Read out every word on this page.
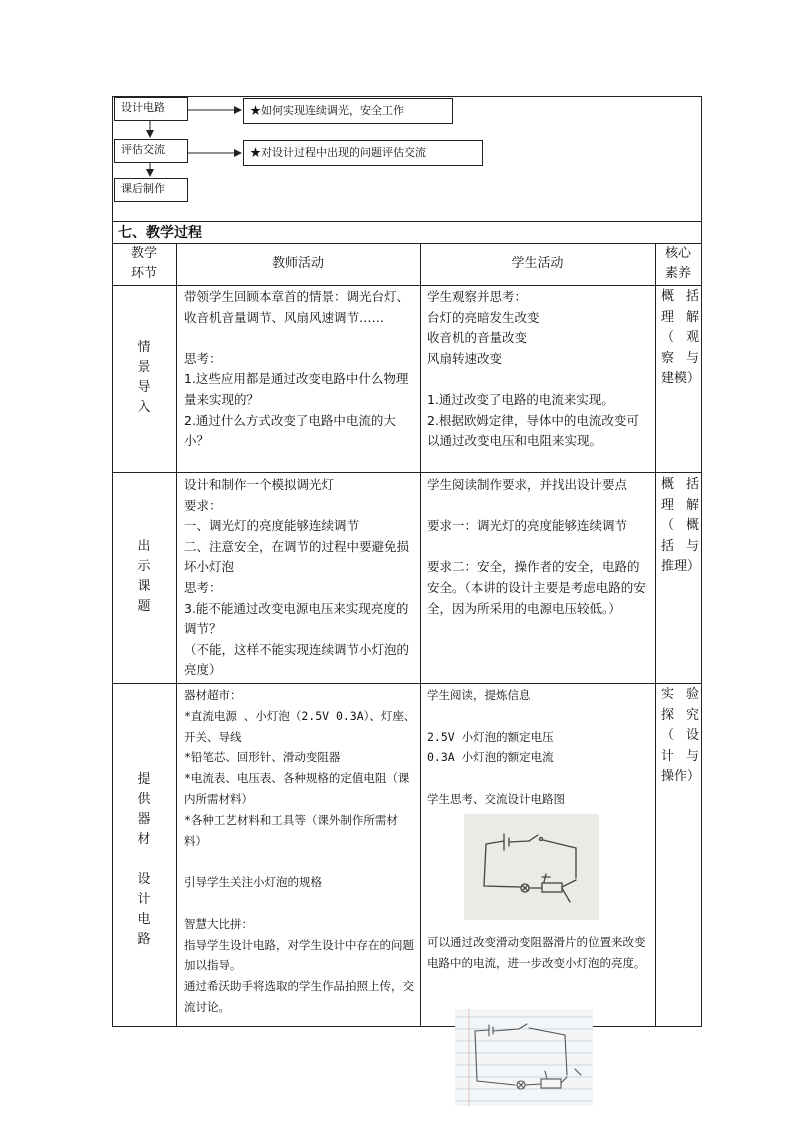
设计电路
评估交流
课后制作
★如何实现连续调光，安全工作
★对设计过程中出现的问题评估交流
七、教学过程
教学
环节
教师活动	学生活动
核心
素养
情
景
导
入
带领学生回顾本章首的情景：调光台灯、收音机音量调节、风扇风速调节……

思考：
1.这些应用都是通过改变电路中什么物理量来实现的？
2.通过什么方式改变了电路中电流的大小？
学生观察并思考：
台灯的亮暗发生改变
收音机的音量改变
风扇转速改变

1.通过改变了电路的电流来实现。
2.根据欧姆定律，导体中的电流改变可以通过改变电压和电阻来实现。
概括理解（观察与建模）
出
示
课
题
设计和制作一个模拟调光灯
要求：
一、调光灯的亮度能够连续调节
二、注意安全，在调节的过程中要避免损坏小灯泡
思考：
3.能不能通过改变电源电压来实现亮度的调节？
（不能，这样不能实现连续调节小灯泡的亮度）
学生阅读制作要求，并找出设计要点

要求一：调光灯的亮度能够连续调节

要求二：安全，操作者的安全，电路的安全。（本讲的设计主要是考虑电路的安全，因为所采用的电源电压较低。）
概括理解（概括与推理）
提
供
器
材

设
计
电
路
器材超市：
*直流电源 、小灯泡（2.5V 0.3A）、灯座、开关、导线
*铅笔芯、回形针、滑动变阻器
*电流表、电压表、各种规格的定值电阻（课内所需材料）
*各种工艺材料和工具等（课外制作所需材料）

引导学生关注小灯泡的规格

智慧大比拼：
指导学生设计电路，对学生设计中存在的问题加以指导。
通过希沃助手将选取的学生作品拍照上传，交流讨论。
学生阅读，提炼信息

2.5V 小灯泡的额定电压
0.3A 小灯泡的额定电流

学生思考、交流设计电路图
可以通过改变滑动变阻器滑片的位置来改变电路中的电流，进一步改变小灯泡的亮度。
实验探究（设计与操作）
